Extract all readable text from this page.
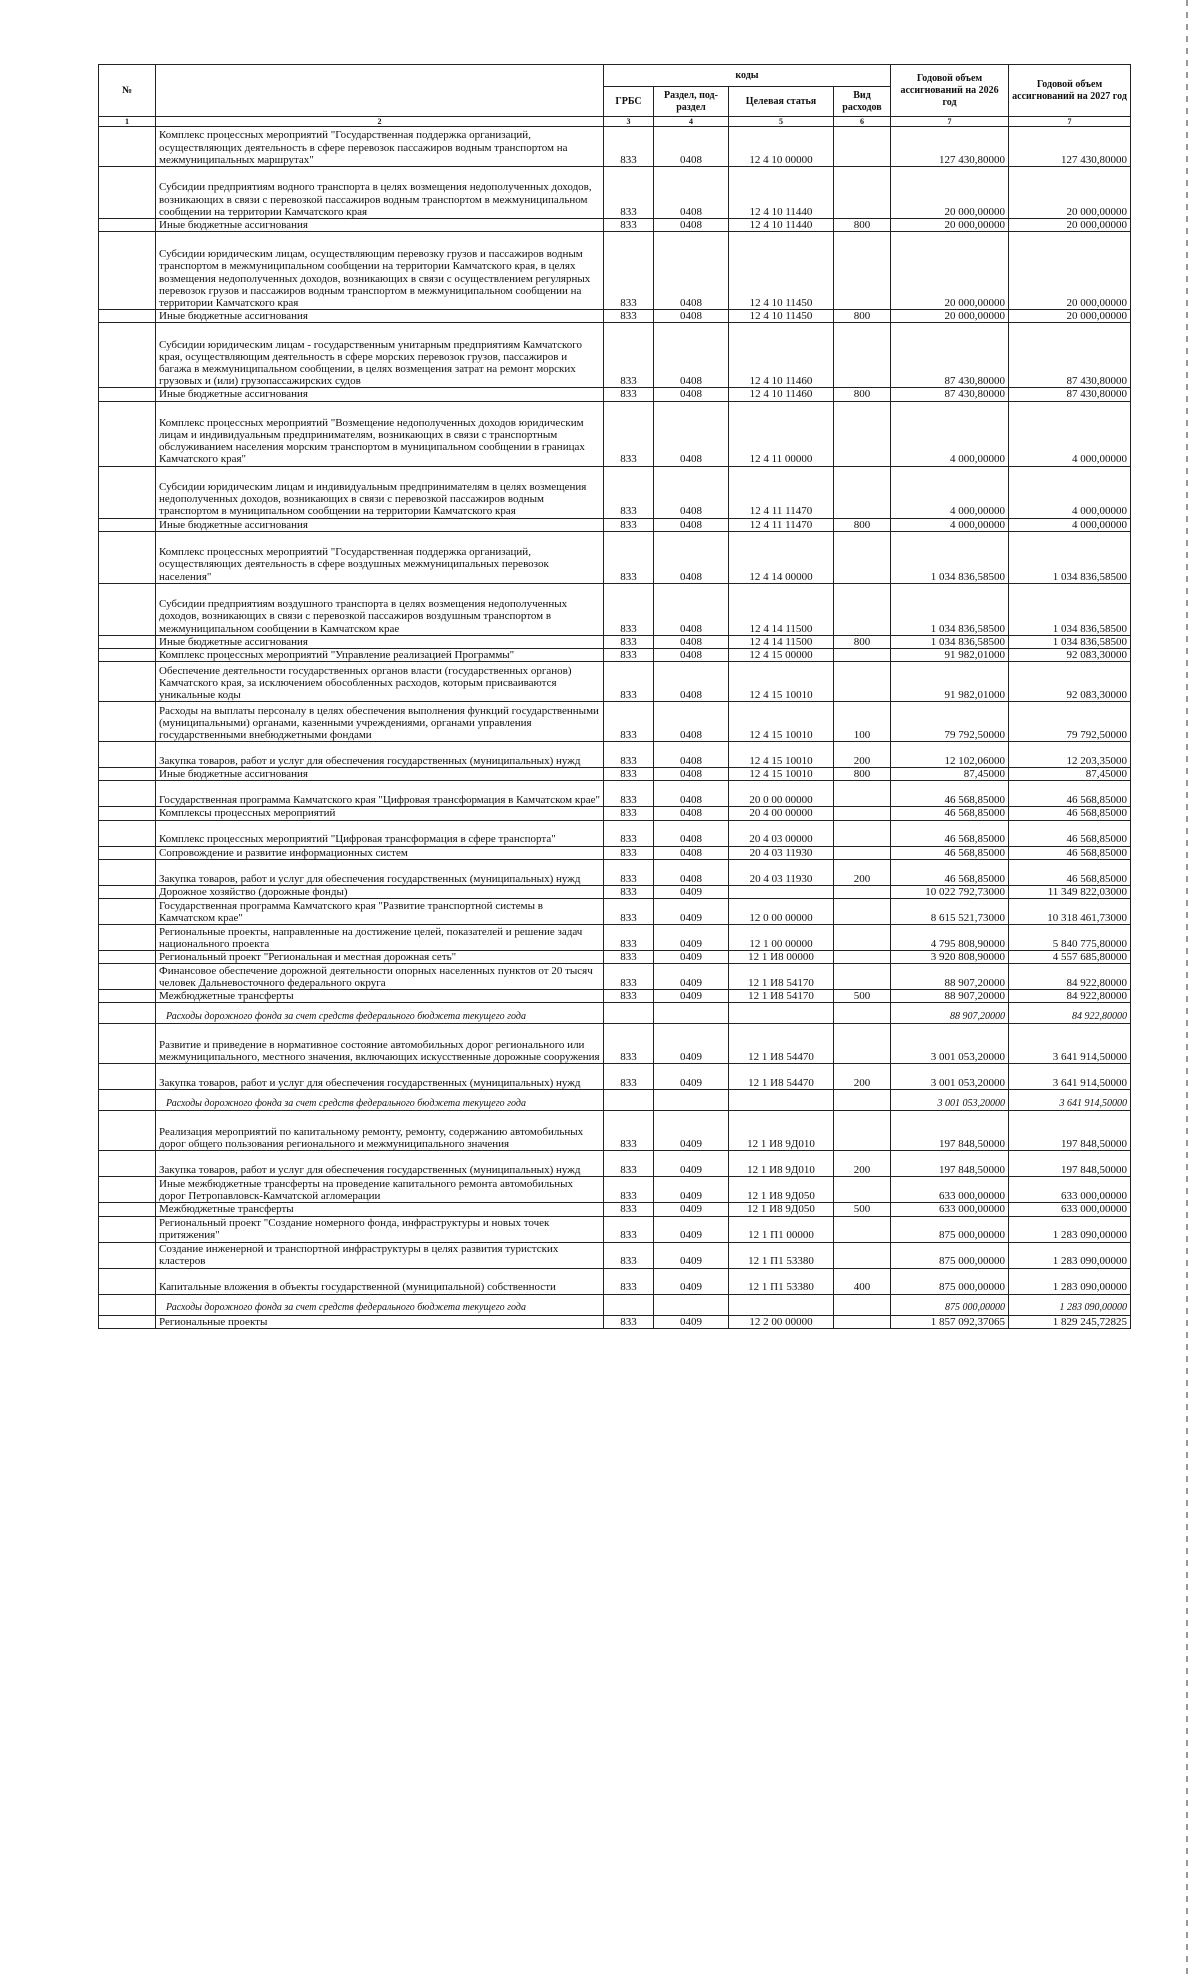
№		коды				Годовой объем ассигнований на 2026 год	Годовой объем ассигнований на 2027 год
		ГРБС	Раздел, под-раздел	Целевая статья	Вид расходов		
1	2	3	4	5	6	7	7
	Комплекс процессных мероприятий "Государственная поддержка организаций, осуществляющих деятельность в сфере перевозок пассажиров водным транспортом на межмуниципальных маршрутах"	833	0408	12 4 10 00000		127 430,80000	127 430,80000
	Субсидии предприятиям водного транспорта в целях возмещения недополученных доходов, возникающих в связи с перевозкой пассажиров водным транспортом в межмуниципальном сообщении на территории Камчатского края	833	0408	12 4 10 11440		20 000,00000	20 000,00000
	Иные бюджетные ассигнования	833	0408	12 4 10 11440	800	20 000,00000	20 000,00000
	Субсидии юридическим лицам, осуществляющим перевозку грузов и пассажиров водным транспортом в межмуниципальном сообщении на территории Камчатского края, в целях возмещения недополученных доходов, возникающих в связи с осуществлением регулярных перевозок грузов и пассажиров водным транспортом в межмуниципальном сообщении на территории Камчатского края	833	0408	12 4 10 11450		20 000,00000	20 000,00000
	Иные бюджетные ассигнования	833	0408	12 4 10 11450	800	20 000,00000	20 000,00000
	Субсидии юридическим лицам - государственным унитарным предприятиям Камчатского края, осуществляющим деятельность в сфере морских перевозок грузов, пассажиров и багажа в межмуниципальном сообщении, в целях возмещения затрат на ремонт морских грузовых и (или) грузопассажирских судов	833	0408	12 4 10 11460		87 430,80000	87 430,80000
	Иные бюджетные ассигнования	833	0408	12 4 10 11460	800	87 430,80000	87 430,80000
	Комплекс процессных мероприятий "Возмещение недополученных доходов юридическим лицам и индивидуальным предпринимателям, возникающих в связи с транспортным обслуживанием населения морским транспортом в муниципальном сообщении в границах Камчатского края"	833	0408	12 4 11 00000		4 000,00000	4 000,00000
	Субсидии юридическим лицам и индивидуальным предпринимателям в целях возмещения недополученных доходов, возникающих в связи с перевозкой пассажиров водным транспортом в муниципальном сообщении на территории Камчатского края	833	0408	12 4 11 11470		4 000,00000	4 000,00000
	Иные бюджетные ассигнования	833	0408	12 4 11 11470	800	4 000,00000	4 000,00000
	Комплекс процессных мероприятий "Государственная поддержка организаций, осуществляющих деятельность в сфере воздушных межмуниципальных перевозок населения"	833	0408	12 4 14 00000		1 034 836,58500	1 034 836,58500
	Субсидии предприятиям воздушного транспорта в целях возмещения недополученных доходов, возникающих в связи с перевозкой пассажиров воздушным транспортом в межмуниципальном сообщении в Камчатском крае	833	0408	12 4 14 11500		1 034 836,58500	1 034 836,58500
	Иные бюджетные ассигнования	833	0408	12 4 14 11500	800	1 034 836,58500	1 034 836,58500
	Комплекс процессных мероприятий "Управление реализацией Программы"	833	0408	12 4 15 00000		91 982,01000	92 083,30000
	Обеспечение деятельности государственных органов власти (государственных органов) Камчатского края, за исключением обособленных расходов, которым присваиваются уникальные коды	833	0408	12 4 15 10010		91 982,01000	92 083,30000
	Расходы на выплаты персоналу в целях обеспечения выполнения функций государственными (муниципальными) органами, казенными учреждениями, органами управления государственными внебюджетными фондами	833	0408	12 4 15 10010	100	79 792,50000	79 792,50000
	Закупка товаров, работ и услуг для обеспечения государственных (муниципальных) нужд	833	0408	12 4 15 10010	200	12 102,06000	12 203,35000
	Иные бюджетные ассигнования	833	0408	12 4 15 10010	800	87,45000	87,45000
	Государственная программа Камчатского края "Цифровая трансформация в Камчатском крае"	833	0408	20 0 00 00000		46 568,85000	46 568,85000
	Комплексы процессных мероприятий	833	0408	20 4 00 00000		46 568,85000	46 568,85000
	Комплекс процессных мероприятий "Цифровая трансформация в сфере транспорта"	833	0408	20 4 03 00000		46 568,85000	46 568,85000
	Сопровождение и развитие информационных систем	833	0408	20 4 03 11930		46 568,85000	46 568,85000
	Закупка товаров, работ и услуг для обеспечения государственных (муниципальных) нужд	833	0408	20 4 03 11930	200	46 568,85000	46 568,85000
	Дорожное хозяйство (дорожные фонды)	833	0409			10 022 792,73000	11 349 822,03000
	Государственная программа Камчатского края "Развитие транспортной системы в Камчатском крае"	833	0409	12 0 00 00000		8 615 521,73000	10 318 461,73000
	Региональные проекты, направленные на достижение целей, показателей и решение задач национального проекта	833	0409	12 1 00 00000		4 795 808,90000	5 840 775,80000
	Региональный проект "Региональная и местная дорожная сеть"	833	0409	12 1 И8 00000		3 920 808,90000	4 557 685,80000
	Финансовое обеспечение дорожной деятельности опорных населенных пунктов от 20 тысяч человек Дальневосточного федерального округа	833	0409	12 1 И8 54170		88 907,20000	84 922,80000
	Межбюджетные трансферты	833	0409	12 1 И8 54170	500	88 907,20000	84 922,80000
	Расходы дорожного фонда за счет средств федерального бюджета текущего года					88 907,20000	84 922,80000
	Развитие и приведение в нормативное состояние автомобильных дорог регионального или межмуниципального, местного значения, включающих искусственные дорожные сооружения	833	0409	12 1 И8 54470		3 001 053,20000	3 641 914,50000
	Закупка товаров, работ и услуг для обеспечения государственных (муниципальных) нужд	833	0409	12 1 И8 54470	200	3 001 053,20000	3 641 914,50000
	Расходы дорожного фонда за счет средств федерального бюджета текущего года					3 001 053,20000	3 641 914,50000
	Реализация мероприятий по капитальному ремонту, ремонту, содержанию автомобильных дорог общего пользования регионального и межмуниципального значения	833	0409	12 1 И8 9Д010		197 848,50000	197 848,50000
	Закупка товаров, работ и услуг для обеспечения государственных (муниципальных) нужд	833	0409	12 1 И8 9Д010	200	197 848,50000	197 848,50000
	Иные межбюджетные трансферты на проведение капитального ремонта автомобильных дорог Петропавловск-Камчатской агломерации	833	0409	12 1 И8 9Д050		633 000,00000	633 000,00000
	Межбюджетные трансферты	833	0409	12 1 И8 9Д050	500	633 000,00000	633 000,00000
	Региональный проект "Создание номерного фонда, инфраструктуры и новых точек притяжения"	833	0409	12 1 П1 00000		875 000,00000	1 283 090,00000
	Создание инженерной и транспортной инфраструктуры в целях развития туристских кластеров	833	0409	12 1 П1 53380		875 000,00000	1 283 090,00000
	Капитальные вложения в объекты государственной (муниципальной) собственности	833	0409	12 1 П1 53380	400	875 000,00000	1 283 090,00000
	Расходы дорожного фонда за счет средств федерального бюджета текущего года					875 000,00000	1 283 090,00000
	Региональные проекты	833	0409	12 2 00 00000		1 857 092,37065	1 829 245,72825
